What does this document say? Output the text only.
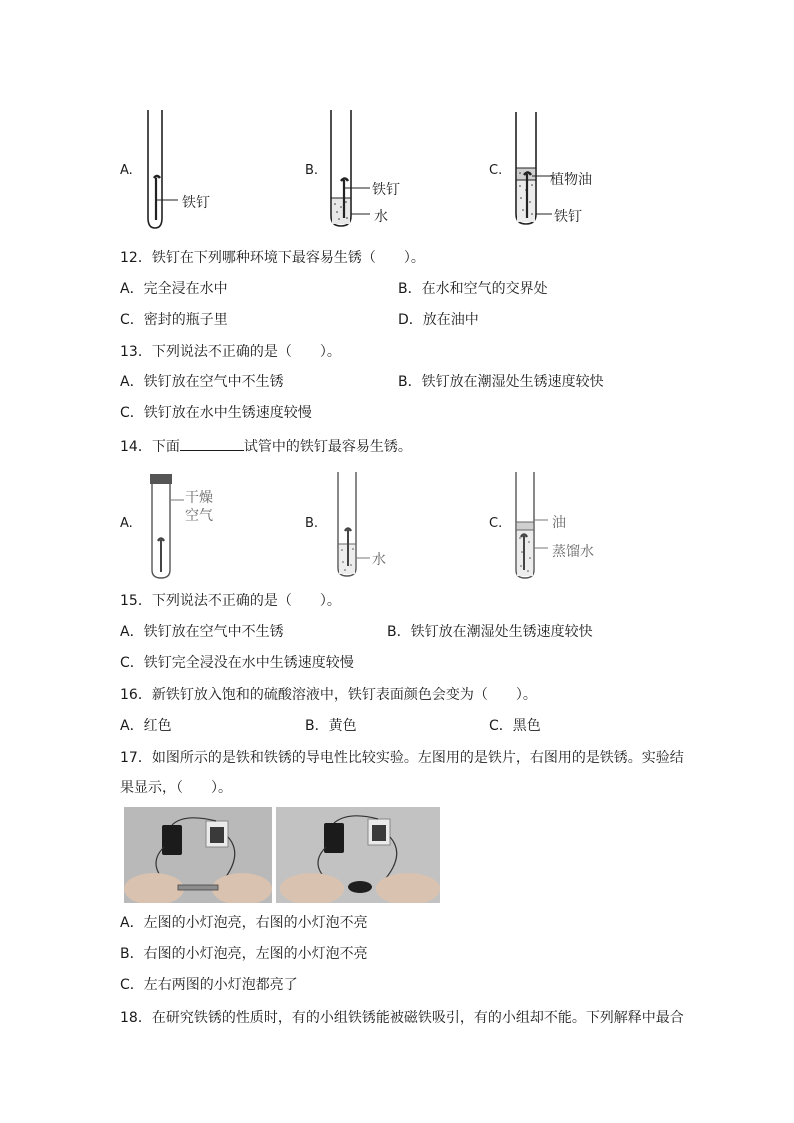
A.
铁钉
B.
铁钉
水
C.
植物油
铁钉
12．铁钉在下列哪种环境下最容易生锈（　　）。
A．完全浸在水中	B．在水和空气的交界处
C．密封的瓶子里	D．放在油中
13．下列说法不正确的是（　　）。
A．铁钉放在空气中不生锈	B．铁钉放在潮湿处生锈速度较快
C．铁钉放在水中生锈速度较慢
14．下面	试管中的铁钉最容易生锈。
A.
干燥
空气	B.
水
C.	油
蒸馏水
15．下列说法不正确的是（　　）。
A．铁钉放在空气中不生锈	B．铁钉放在潮湿处生锈速度较快
C．铁钉完全浸没在水中生锈速度较慢
16．新铁钉放入饱和的硫酸溶液中，铁钉表面颜色会变为（　　）。
A．红色	B．黄色	C．黑色
17．如图所示的是铁和铁锈的导电性比较实验。左图用的是铁片，右图用的是铁锈。实验结
果显示，（　　）。
A．左图的小灯泡亮，右图的小灯泡不亮
B．右图的小灯泡亮，左图的小灯泡不亮
C．左右两图的小灯泡都亮了
18．在研究铁锈的性质时，有的小组铁锈能被磁铁吸引，有的小组却不能。下列解释中最合
